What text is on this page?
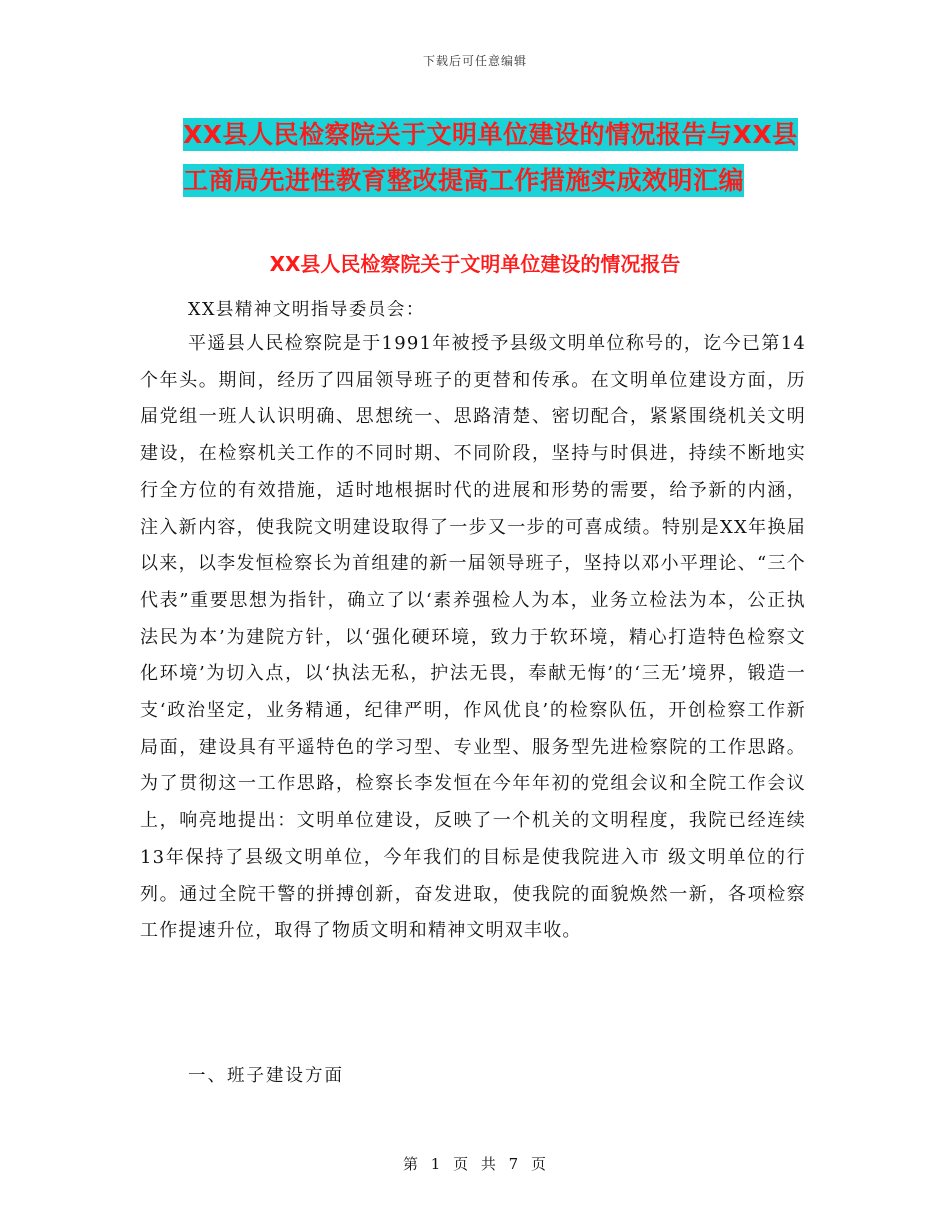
下载后可任意编辑
XX县人民检察院关于文明单位建设的情况报告与XX县工商局先进性教育整改提高工作措施实成效明汇编
XX县人民检察院关于文明单位建设的情况报告
XX县精神文明指导委员会：
平遥县人民检察院是于1991年被授予县级文明单位称号的，讫今已第14个年头。期间，经历了四届领导班子的更替和传承。在文明单位建设方面，历届党组一班人认识明确、思想统一、思路清楚、密切配合，紧紧围绕机关文明建设，在检察机关工作的不同时期、不同阶段，坚持与时俱进，持续不断地实行全方位的有效措施，适时地根据时代的进展和形势的需要，给予新的内涵，注入新内容，使我院文明建设取得了一步又一步的可喜成绩。特别是XX年换届以来，以李发恒检察长为首组建的新一届领导班子，坚持以邓小平理论、“三个代表”重要思想为指针，确立了以‘素养强检人为本，业务立检法为本，公正执法民为本’为建院方针，以‘强化硬环境，致力于软环境，精心打造特色检察文化环境’为切入点，以‘执法无私，护法无畏，奉献无悔’的‘三无’境界，锻造一支‘政治坚定，业务精通，纪律严明，作风优良’的检察队伍，开创检察工作新局面，建设具有平遥特色的学习型、专业型、服务型先进检察院的工作思路。为了贯彻这一工作思路，检察长李发恒在今年年初的党组会议和全院工作会议上，响亮地提出：文明单位建设，反映了一个机关的文明程度，我院已经连续13年保持了县级文明单位，今年我们的目标是使我院进入市 级文明单位的行列。通过全院干警的拼搏创新，奋发进取，使我院的面貌焕然一新，各项检察工作提速升位，取得了物质文明和精神文明双丰收。
一、班子建设方面
第 1 页 共 7 页
